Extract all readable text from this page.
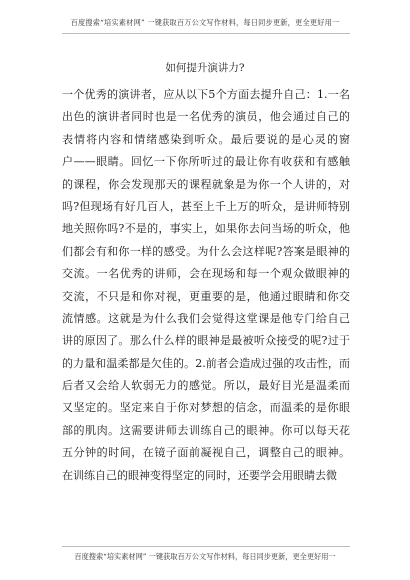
百度搜索“培实素材网” 一键获取百万公文写作材料，每日同步更新，更全更好用一
如何提升演讲力?
一个优秀的演讲者，应从以下5个方面去提升自己：1.一名
出色的演讲者同时也是一名优秀的演员，他会通过自己的
表情将内容和情绪感染到听众。最后要说的是心灵的窗
户——眼睛。回忆一下你所听过的最让你有收获和有感触
的课程，你会发现那天的课程就象是为你一个人讲的，对
吗?但现场有好几百人，甚至上千上万的听众，是讲师特别
地关照你吗?不是的，事实上，如果你去问当场的听众，他
们都会有和你一样的感受。为什么会这样呢?答案是眼神的
交流。一名优秀的讲师，会在现场和每一个观众做眼神的
交流，不只是和你对视，更重要的是，他通过眼睛和你交
流情感。这就是为什么我们会觉得这堂课是他专门给自己
讲的原因了。那么什么样的眼神是最被听众接受的呢?过于
的力量和温柔都是欠佳的。2.前者会造成过强的攻击性，而
后者又会给人软弱无力的感觉。所以，最好目光是温柔而
又坚定的。坚定来自于你对梦想的信念，而温柔的是你眼
部的肌肉。这需要讲师去训练自己的眼神。你可以每天花
五分钟的时间，在镜子面前凝视自己，调整自己的眼神。
在训练自己的眼神变得坚定的同时，还要学会用眼睛去微
百度搜索“培实素材网” 一键获取百万公文写作材料，每日同步更新，更全更好用一
